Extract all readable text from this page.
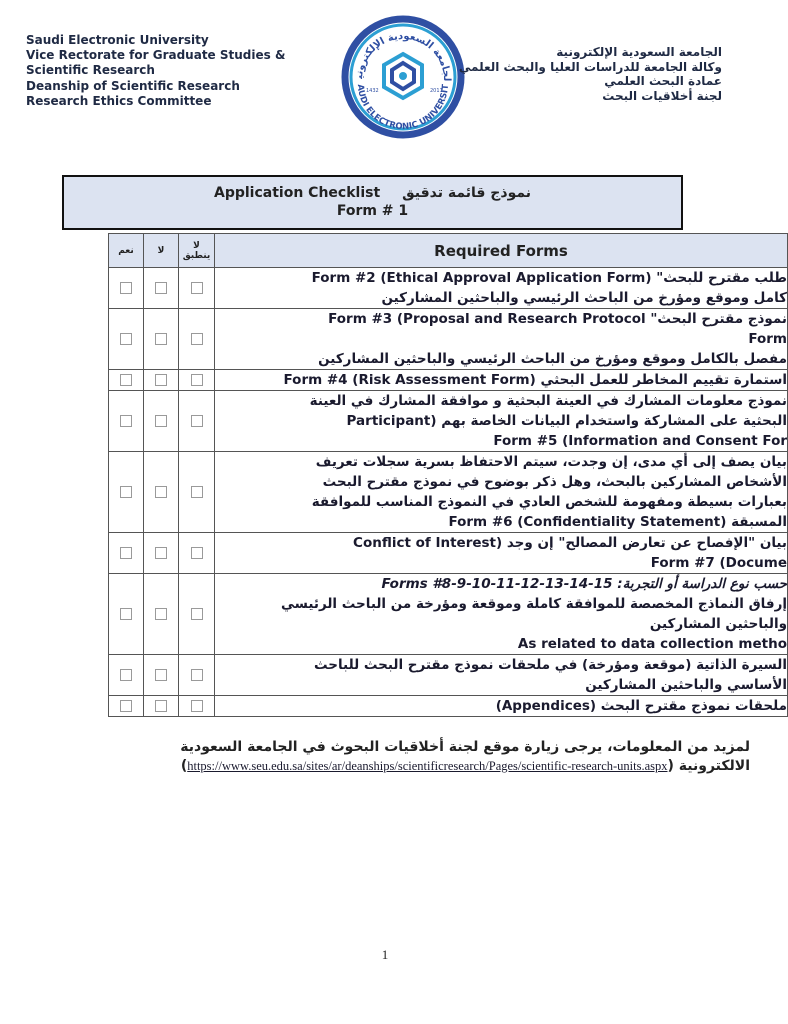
Saudi Electronic University
Vice Rectorate for Graduate Studies &
Scientific Research
Deanship of Scientific Research
Research Ethics Committee
لجامعة السعودية الإلكترونية
AUDI ELECTRONIC UNIVERSIT
1432	2011
الجامعة السعودية الإلكترونية
وكالة الجامعة للدراسات العليا والبحث العلمي
عمادة البحث العلمي
لجنة أخلاقيات البحث
Application Checklist نموذج قائمة تدقيق
Form # 1
نعم	لا	لا ينطبق	Required Forms

			طلب مقترح للبحث" Form #2 (Ethical Approval Application Form)
كامل وموقع ومؤرخ من الباحث الرئيسي والباحثين المشاركين

			نموذج مقترح البحث" Form #3 (Proposal and Research Protocol
Form
مفصل بالكامل وموقع ومؤرخ من الباحث الرئيسي والباحثين المشاركين

			استمارة تقييم المخاطر للعمل البحثي (Form #4 (Risk Assessment Form

			نموذج معلومات المشارك في العينة البحثية و موافقة المشارك في العينة
البحثية على المشاركة واستخدام البيانات الخاصة بهم (Participant
Form #5 (Information and Consent For

			بيان يصف إلى أي مدى، إن وجدت، سيتم الاحتفاظ بسرية سجلات تعريف
الأشخاص المشاركين بالبحث، وهل ذكر بوضوح في نموذج مقترح البحث
بعبارات بسيطة ومفهومة للشخص العادي في النموذج المناسب للموافقة
المسبقة (Form #6 (Confidentiality Statement

			بيان "الإفصاح عن تعارض المصالح" إن وجد (Conflict of Interest
Form #7 (Docume

			حسب نوع الدراسة أو التجربة: Forms #8-9-10-11-12-13-14-15
إرفاق النماذج المخصصة للموافقة كاملة وموقعة ومؤرخة من الباحث الرئيسي
والباحثين المشاركين
As related to data collection metho

			السيرة الذاتية (موقعة ومؤرخة) في ملحقات نموذج مقترح البحث للباحث
الأساسي والباحثين المشاركين

			ملحقات نموذج مقترح البحث (Appendices)
لمزيد من المعلومات، يرجى زيارة موقع لجنة أخلاقيات البحوث في الجامعة السعودية
الالكترونية (https://www.seu.edu.sa/sites/ar/deanships/scientificresearch/Pages/scientific-research-units.aspx)
1
